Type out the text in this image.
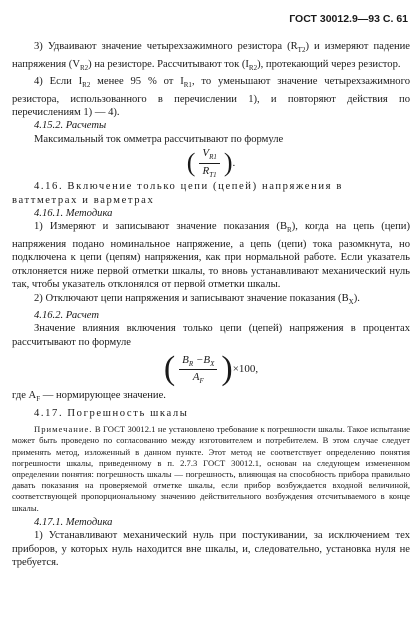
ГОСТ 30012.9—93 С. 61

3) Удваивают значение четырехзажимного резистора $(R_{T2})$ и измеряют падение напряжения $(V_{R2})$ на резисторе. Рассчитывают ток $(I_{R2})$, протекающий через резистор.

4) Если $I_{R2}$ менее 95 % от $I_{R1}$, то уменьшают значение четырехзажимного резистора, использованного в перечислении 1), и повторяют действия по перечислениям 1) — 4).

4.15.2. Расчеты

Максимальный ток омметра рассчитывают по формуле

( $\frac{V_{R1}}{R_{T1}}$ ) .

4.16. Включение только цепи (цепей) напряжения в ваттметрах и варметрах

4.16.1. Методика

1) Измеряют и записывают значение показания $(B_R)$, когда на цепь (цепи) напряжения подано номинальное напряжение, а цепь (цепи) тока разомкнута, но подключена к цепи (цепям) напряжения, как при нормальной работе. Если указатель отклоняется ниже первой отметки шкалы, то вновь устанавливают механический нуль так, чтобы указатель отклонялся от первой отметки шкалы.

2) Отключают цепи напряжения и записывают значение показания $(B_X)$.

4.16.2. Расчет

Значение влияния включения только цепи (цепей) напряжения в процентах рассчитывают по формуле

( $\frac{B_R -B_X}{A_F}$ ) ×100,

где $A_F$ — нормирующее значение.

4.17. Погрешность шкалы

Примечание. В ГОСТ 30012.1 не установлено требование к погрешности шкалы. Такое испытание может быть проведено по согласованию между изготовителем и потребителем. В этом случае следует применять метод, изложенный в данном пункте. Этот метод не соответствует определению понятия погрешности шкалы, приведенному в п. 2.7.3 ГОСТ 30012.1, основан на следующем измененном определении понятия: погрешность шкалы — погрешность, влияющая на способность прибора правильно давать показания на проверяемой отметке шкалы, если прибор возбуждается входной величиной, соответствующей пропорциональному значению действительного возбуждения отсчитываемого в конце шкалы.

4.17.1. Методика

1) Устанавливают механический нуль при постукивании, за исключением тех приборов, у которых нуль находится вне шкалы, и, следовательно, установка нуля не требуется.
